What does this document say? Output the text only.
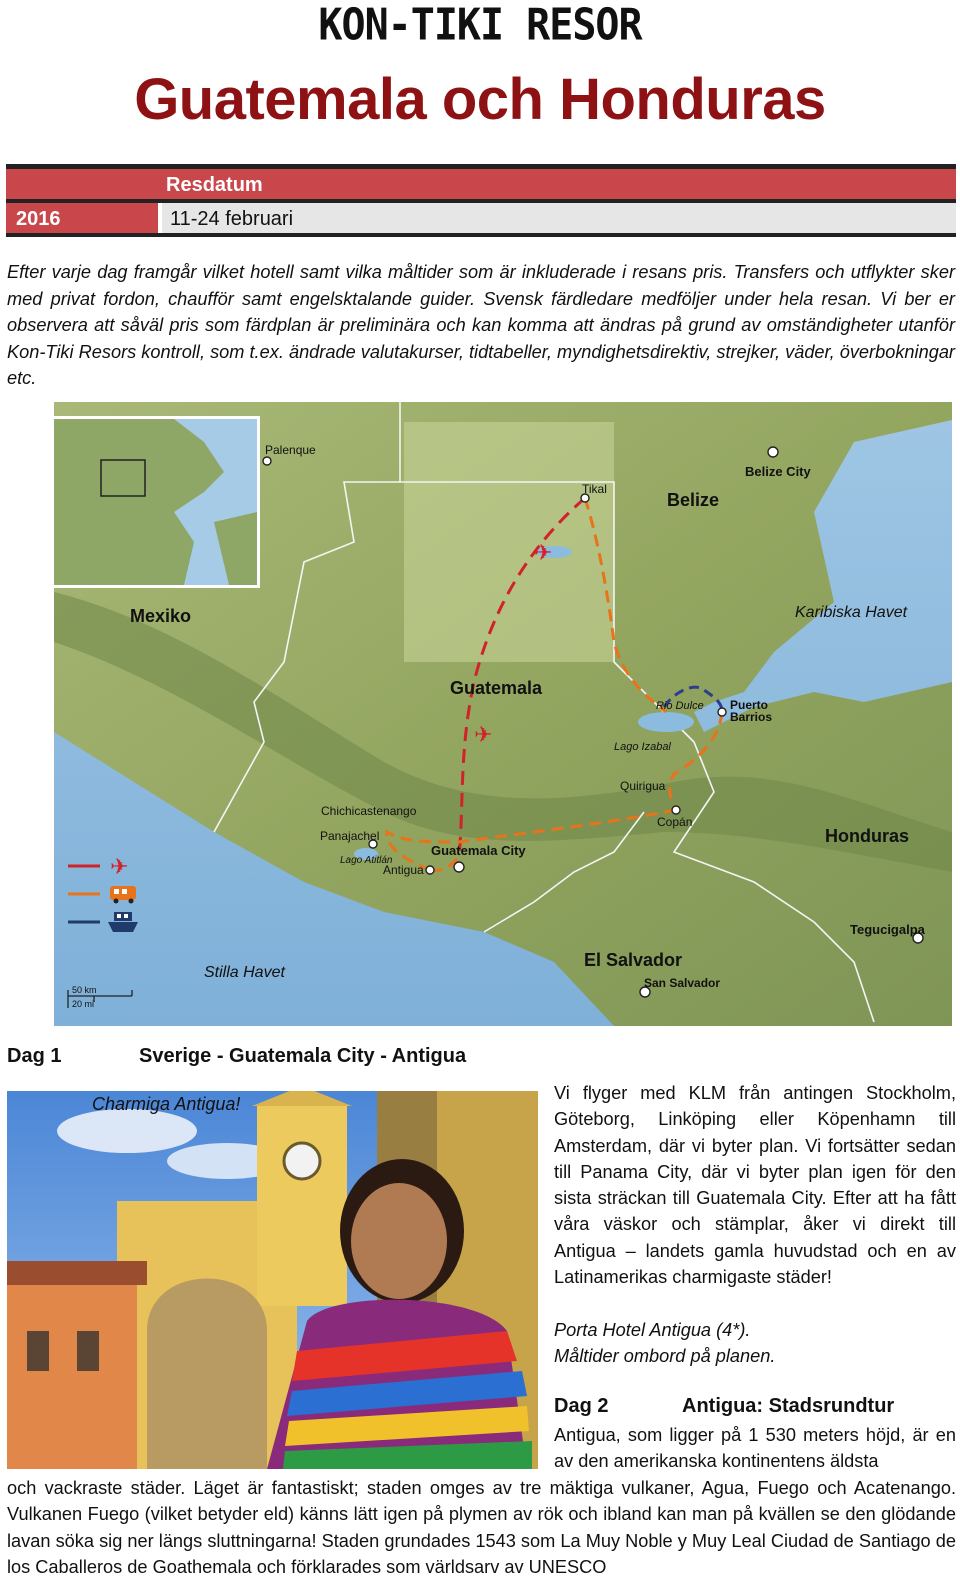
KON-TIKI RESOR
Guatemala och Honduras
Resdatum
2016	11-24 februari

Efter varje dag framgår vilket hotell samt vilka måltider som är inkluderade i resans pris. Transfers och utflykter sker med privat fordon, chaufför samt engelsktalande guider. Svensk färdledare medföljer under hela resan. Vi ber er observera att såväl pris som färdplan är preliminära och kan komma att ändras på grund av omständigheter utanför Kon-Tiki Resors kontroll, som t.ex. ändrade valutakurser, tidtabeller, myndighetsdirektiv, strejker, väder, överbokningar etc.

✈
✈
Palenque
Tikal
Belize City
Belize
Mexiko	Karibiska Havet
Guatemala
Rio Dulce Puerto
Barrios
Lago Izabal
Quirigua
Copán
Honduras
Chichicastenango
Panajachel
Lago Atitlán
Antigua
Guatemala City
Tegucigalpa
El Salvador
San Salvador
Stilla Havet
✈
50 km
20 mi
Dag 1	Sverige - Guatemala City - Antigua
Charmiga Antigua!

Vi flyger med KLM från antingen Stockholm, Göteborg, Linköping eller Köpenhamn till Amsterdam, där vi byter plan. Vi fortsätter sedan till Panama City, där vi byter plan igen för den sista sträckan till Guatemala City. Efter att ha fått våra väskor och stämplar, åker vi direkt till Antigua – landets gamla huvudstad och en av Latinamerikas charmigaste städer!

Porta Hotel Antigua (4*).
Måltider ombord på planen.
Dag 2	Antigua: Stadsrundtur

Antigua, som ligger på 1 530 meters höjd, är en av den amerikanska kontinentens äldsta

och vackraste städer. Läget är fantastiskt; staden omges av tre mäktiga vulkaner, Agua, Fuego och Acatenango. Vulkanen Fuego (vilket betyder eld) känns lätt igen på plymen av rök och ibland kan man på kvällen se den glödande lavan söka sig ner längs sluttningarna! Staden grundades 1543 som La Muy Noble y Muy Leal Ciudad de Santiago de los Caballeros de Goathemala och förklarades som världsarv av UNESCO
